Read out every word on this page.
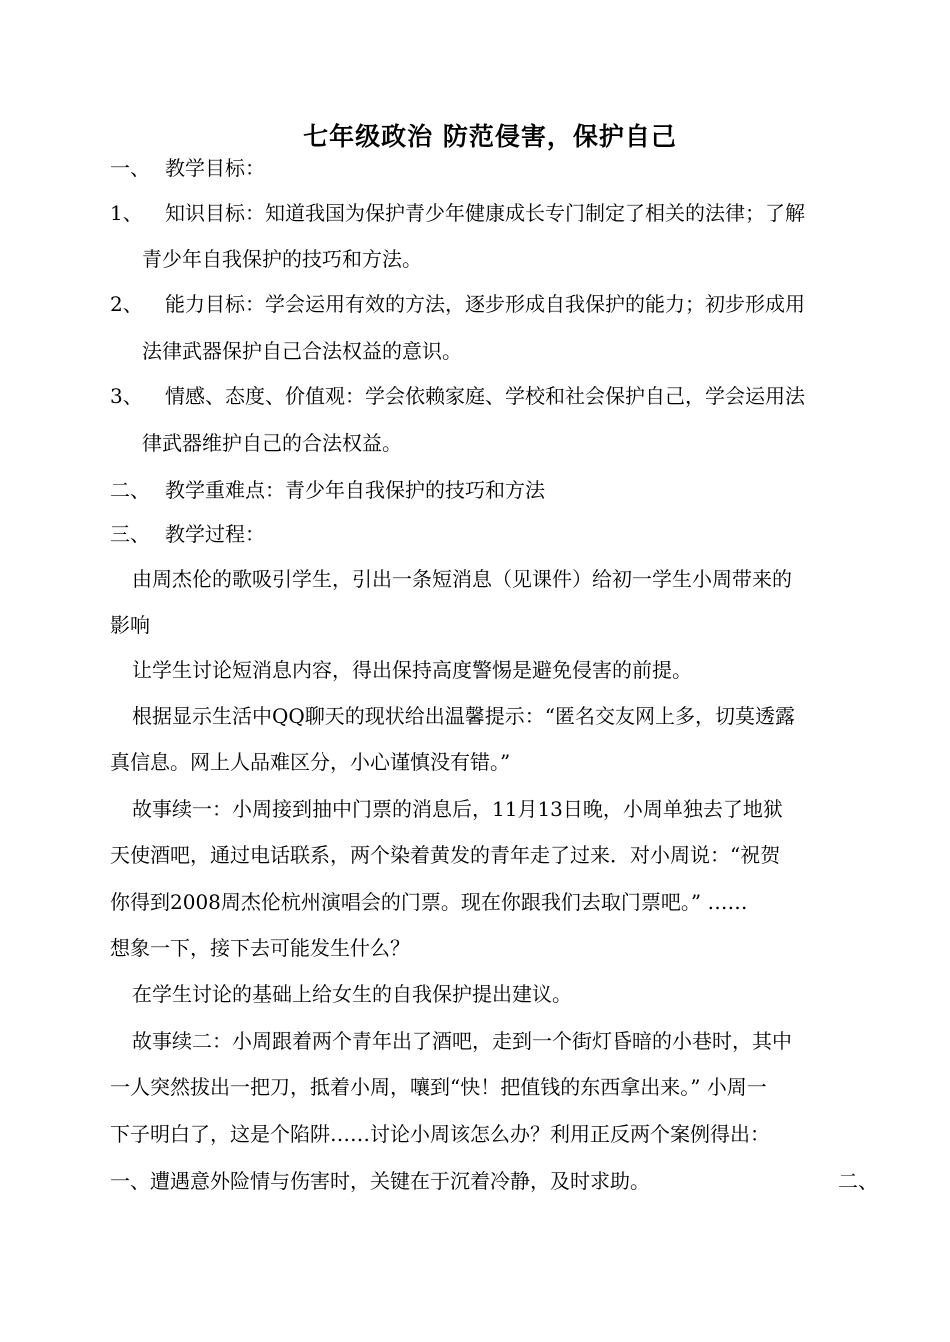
七年级政治 防范侵害，保护自己
一、 教学目标：
1、 知识目标：知道我国为保护青少年健康成长专门制定了相关的法律；了解
青少年自我保护的技巧和方法。
2、 能力目标：学会运用有效的方法，逐步形成自我保护的能力；初步形成用
法律武器保护自己合法权益的意识。
3、 情感、态度、价值观：学会依赖家庭、学校和社会保护自己，学会运用法
律武器维护自己的合法权益。
二、 教学重难点：青少年自我保护的技巧和方法
三、 教学过程：
由周杰伦的歌吸引学生，引出一条短消息（见课件）给初一学生小周带来的
影响
让学生讨论短消息内容，得出保持高度警惕是避免侵害的前提。
根据显示生活中QQ聊天的现状给出温馨提示：“匿名交友网上多，切莫透露
真信息。网上人品难区分，小心谨慎没有错。”
故事续一：小周接到抽中门票的消息后，11月13日晚，小周单独去了地狱
天使酒吧，通过电话联系，两个染着黄发的青年走了过来．对小周说：“祝贺
你得到2008周杰伦杭州演唱会的门票。现在你跟我们去取门票吧。” ……
想象一下，接下去可能发生什么？
在学生讨论的基础上给女生的自我保护提出建议。
故事续二：小周跟着两个青年出了酒吧，走到一个街灯昏暗的小巷时，其中
一人突然拔出一把刀，抵着小周，嚷到“快！把值钱的东西拿出来。” 小周一
下子明白了，这是个陷阱……讨论小周该怎么办？利用正反两个案例得出：
一、遭遇意外险情与伤害时，关键在于沉着冷静，及时求助。	二、
